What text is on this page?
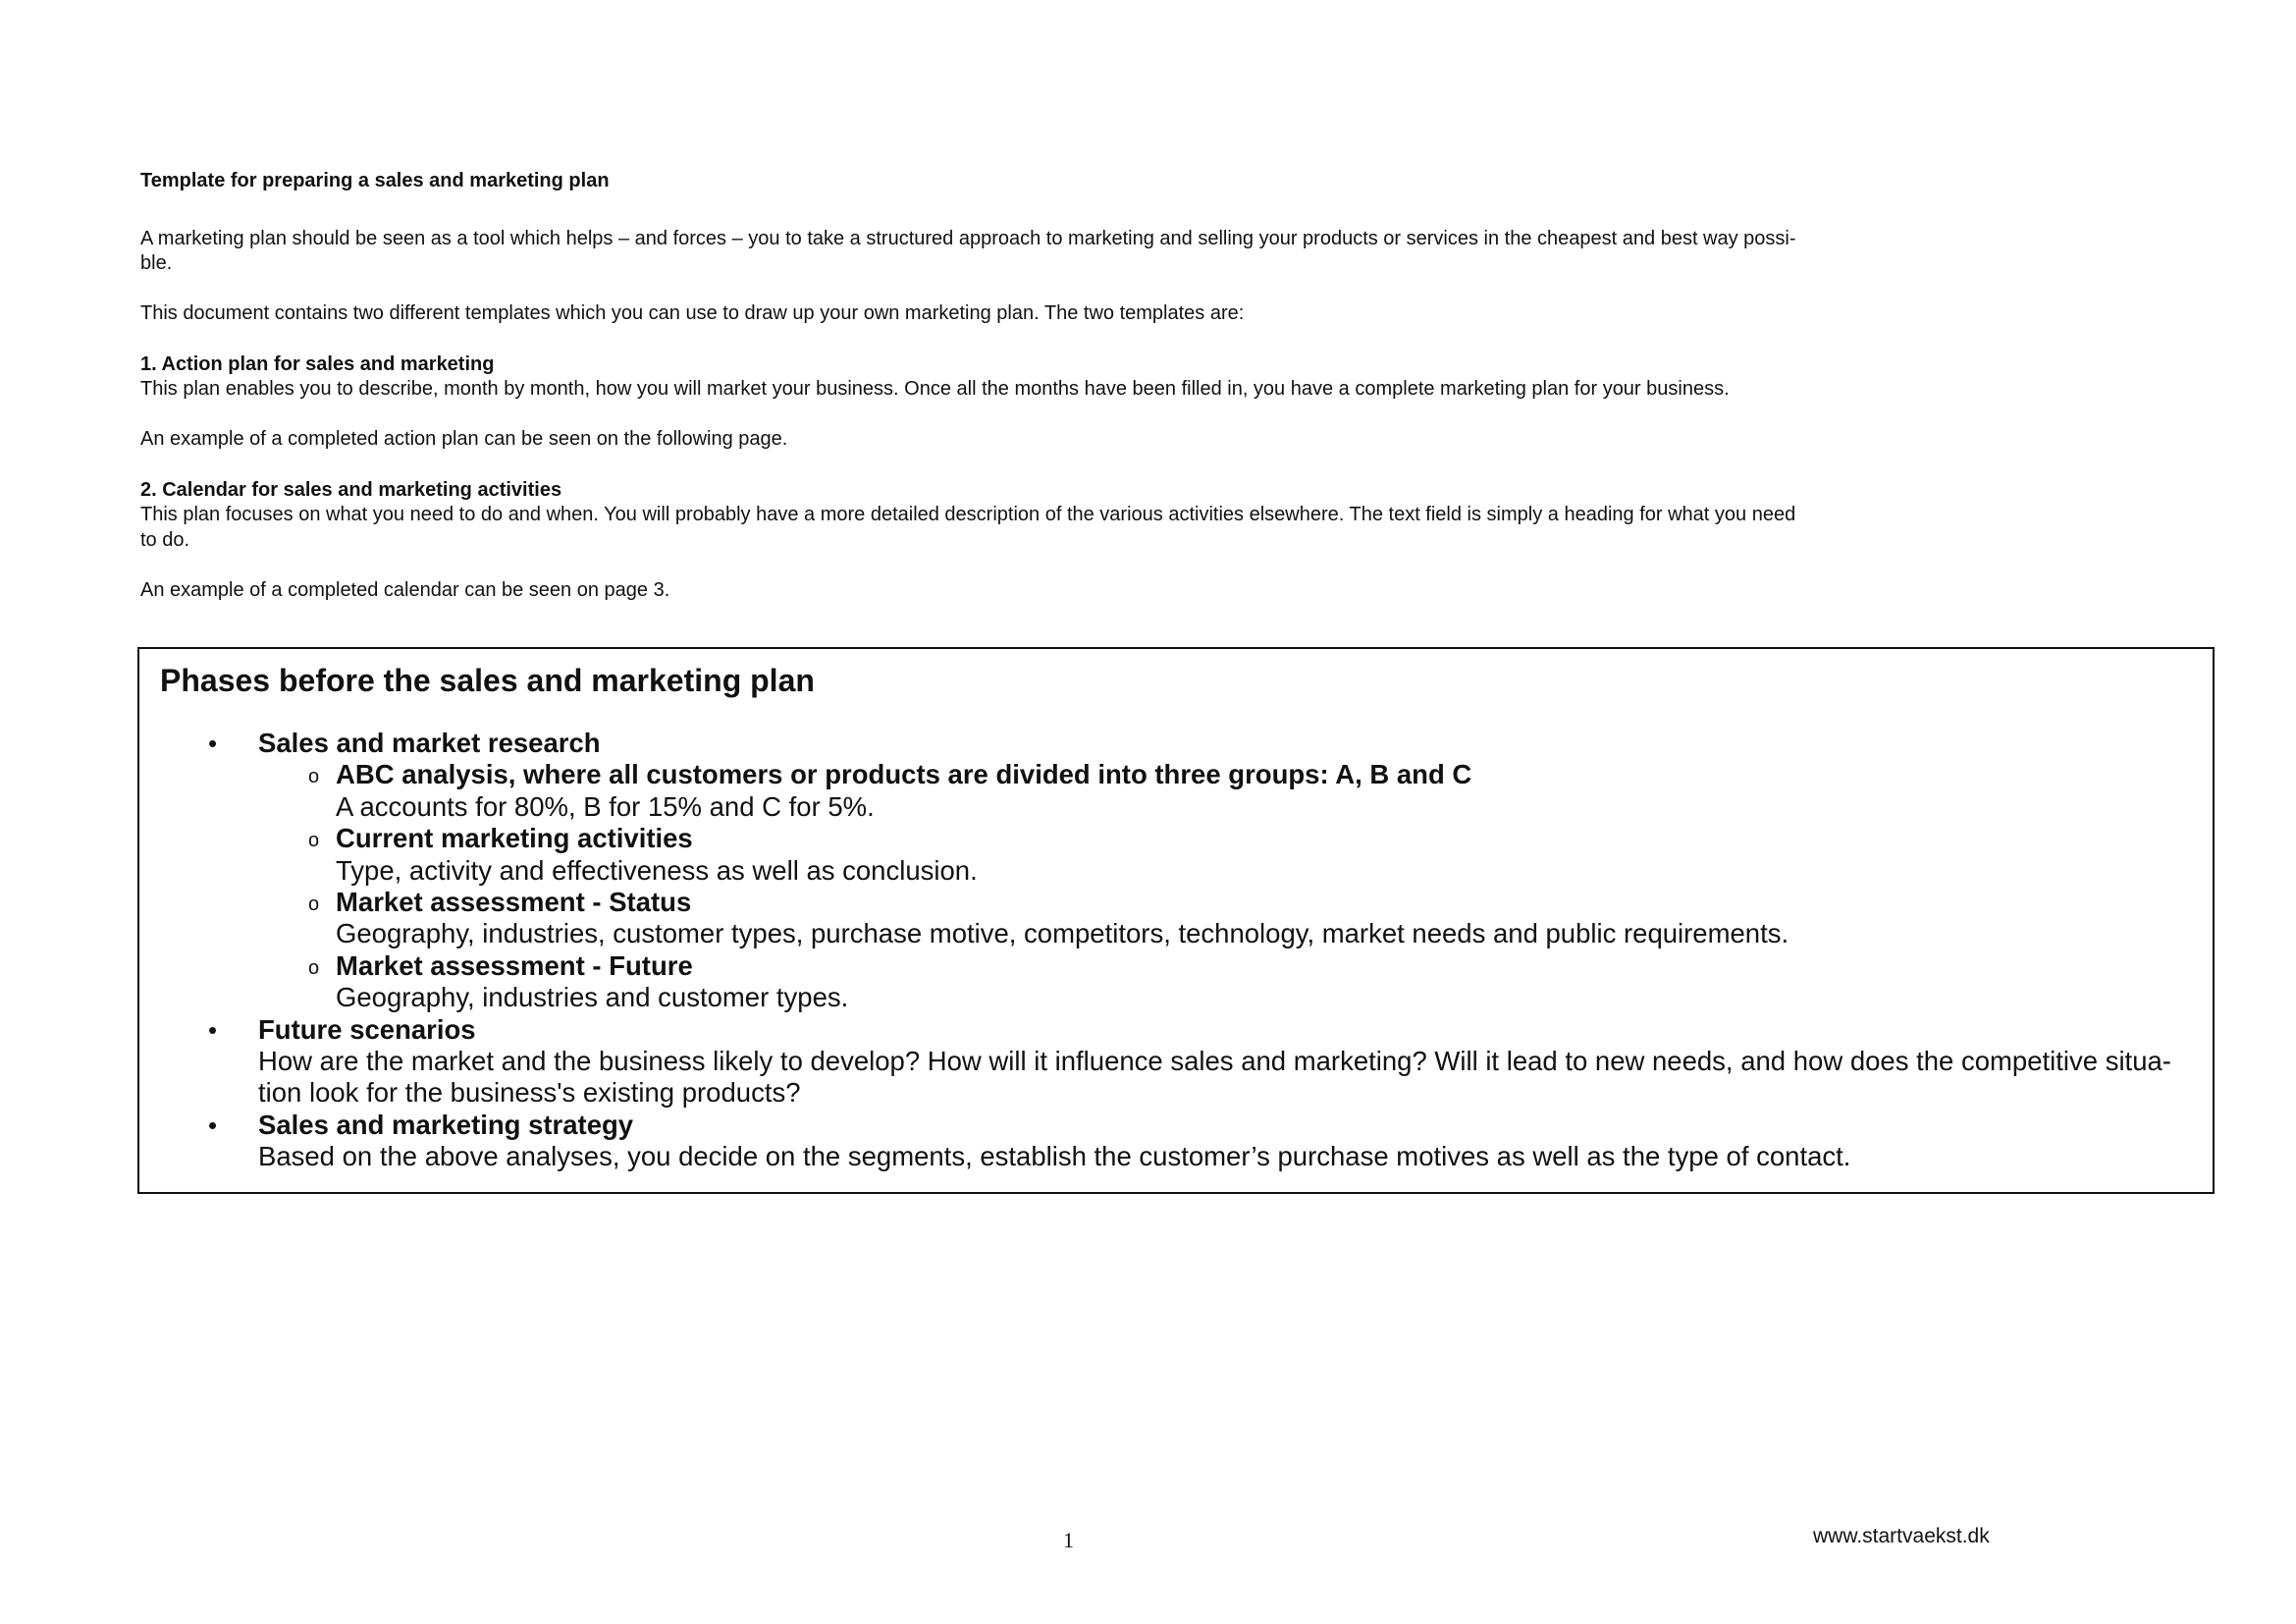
Template for preparing a sales and marketing plan

A marketing plan should be seen as a tool which helps – and forces – you to take a structured approach to marketing and selling your products or services in the cheapest and best way possi-
ble.

This document contains two different templates which you can use to draw up your own marketing plan. The two templates are:

1. Action plan for sales and marketing

This plan enables you to describe, month by month, how you will market your business. Once all the months have been filled in, you have a complete marketing plan for your business.

An example of a completed action plan can be seen on the following page.

2. Calendar for sales and marketing activities

This plan focuses on what you need to do and when. You will probably have a more detailed description of the various activities elsewhere. The text field is simply a heading for what you need
to do.

An example of a completed calendar can be seen on page 3.

Phases before the sales and marketing plan
• Sales and market research
o ABC analysis, where all customers or products are divided into three groups: A, B and C
A accounts for 80%, B for 15% and C for 5%.
o Current marketing activities
Type, activity and effectiveness as well as conclusion.
o Market assessment - Status
Geography, industries, customer types, purchase motive, competitors, technology, market needs and public requirements.
o Market assessment - Future
Geography, industries and customer types.
• Future scenarios
How are the market and the business likely to develop? How will it influence sales and marketing? Will it lead to new needs, and how does the competitive situa-
tion look for the business's existing products?
• Sales and marketing strategy
Based on the above analyses, you decide on the segments, establish the customer’s purchase motives as well as the type of contact.
1	www.startvaekst.dk
